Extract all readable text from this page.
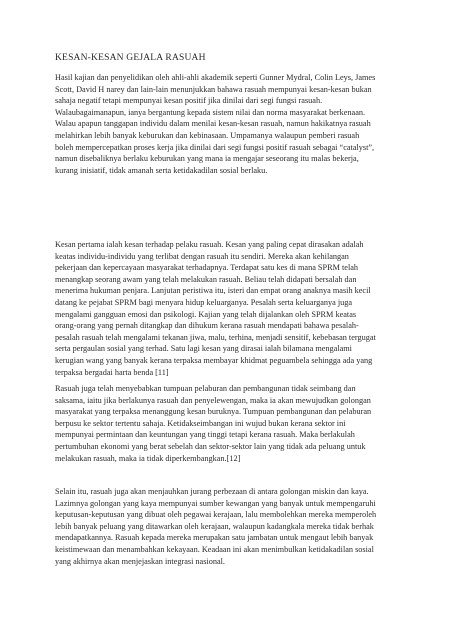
KESAN-KESAN GEJALA RASUAH

Hasil kajian dan penyelidikan oleh ahli-ahli akademik seperti Gunner Mydral, Colin Leys, James
Scott, David H narey dan lain-lain menunjukkan bahawa rasuah mempunyai kesan-kesan bukan
sahaja negatif tetapi mempunyai kesan positif jika dinilai dari segi fungsi rasuah.
Walaubagaimanapun, ianya bergantung kepada sistem nilai dan norma masyarakat berkenaan.
Walau apapun tanggapan individu dalam menilai kesan-kesan rasuah, namun hakikatnya rasuah
melahirkan lebih banyak keburukan dan kebinasaan. Umpamanya walaupun pemberi rasuah
boleh mempercepatkan proses kerja jika dinilai dari segi fungsi positif rasuah sebagai “catalyst”,
namun disebaliknya berlaku keburukan yang mana ia mengajar seseorang itu malas bekerja,
kurang inisiatif, tidak amanah serta ketidakadilan sosial berlaku.

Kesan pertama ialah kesan terhadap pelaku rasuah. Kesan yang paling cepat dirasakan adalah
keatas individu-individu yang terlibat dengan rasuah itu sendiri. Mereka akan kehilangan
pekerjaan dan kepercayaan masyarakat terhadapnya. Terdapat satu kes di mana SPRM telah
menangkap seorang awam yang telah melakukan rasuah. Beliau telah didapati bersalah dan
menerima hukuman penjara. Lanjutan peristiwa itu, isteri dan empat orang anaknya masih kecil
datang ke pejabat SPRM bagi menyara hidup keluarganya. Pesalah serta keluarganya juga
mengalami gangguan emosi dan psikologi. Kajian yang telah dijalankan oleh SPRM keatas
orang-orang yang pernah ditangkap dan dihukum kerana rasuah mendapati bahawa pesalah-
pesalah rasuah telah mengalami tekanan jiwa, malu, terhina, menjadi sensitif, kebebasan tergugat
serta pergaulan sosial yang terhad. Satu lagi kesan yang dirasai ialah bilamana mengalami
kerugian wang yang banyak kerana terpaksa membayar khidmat peguambela sehingga ada yang
terpaksa bergadai harta benda [11]

Rasuah juga telah menyebabkan tumpuan pelaburan dan pembangunan tidak seimbang dan
saksama, iaitu jika berlakunya rasuah dan penyelewengan, maka ia akan mewujudkan golongan
masyarakat yang terpaksa menanggung kesan buruknya. Tumpuan pembangunan dan pelaburan
berpusu ke sektor tertentu sahaja. Ketidakseimbangan ini wujud bukan kerana sektor ini
mempunyai permintaan dan keuntungan yang tinggi tetapi kerana rasuah. Maka berlakulah
pertumbuhan ekonomi yang berat sebelah dan sektor-sektor lain yang tidak ada peluang untuk
melakukan rasuah, maka ia tidak diperkembangkan.[12]

Selain itu, rasuah juga akan menjauhkan jurang perbezaan di antara golongan miskin dan kaya.
Lazimnya golongan yang kaya mempunyai sumber kewangan yang banyak untuk mempengaruhi
keputusan-keputusan yang dibuat oleh pegawai kerajaan, lalu membolehkan mereka memperoleh
lebih banyak peluang yang ditawarkan oleh kerajaan, walaupun kadangkala mereka tidak berhak
mendapatkannya. Rasuah kepada mereka merupakan satu jambatan untuk mengaut lebih banyak
keistimewaan dan menambahkan kekayaan. Keadaan ini akan menimbulkan ketidakadilan sosial
yang akhirnya akan menjejaskan integrasi nasional.
